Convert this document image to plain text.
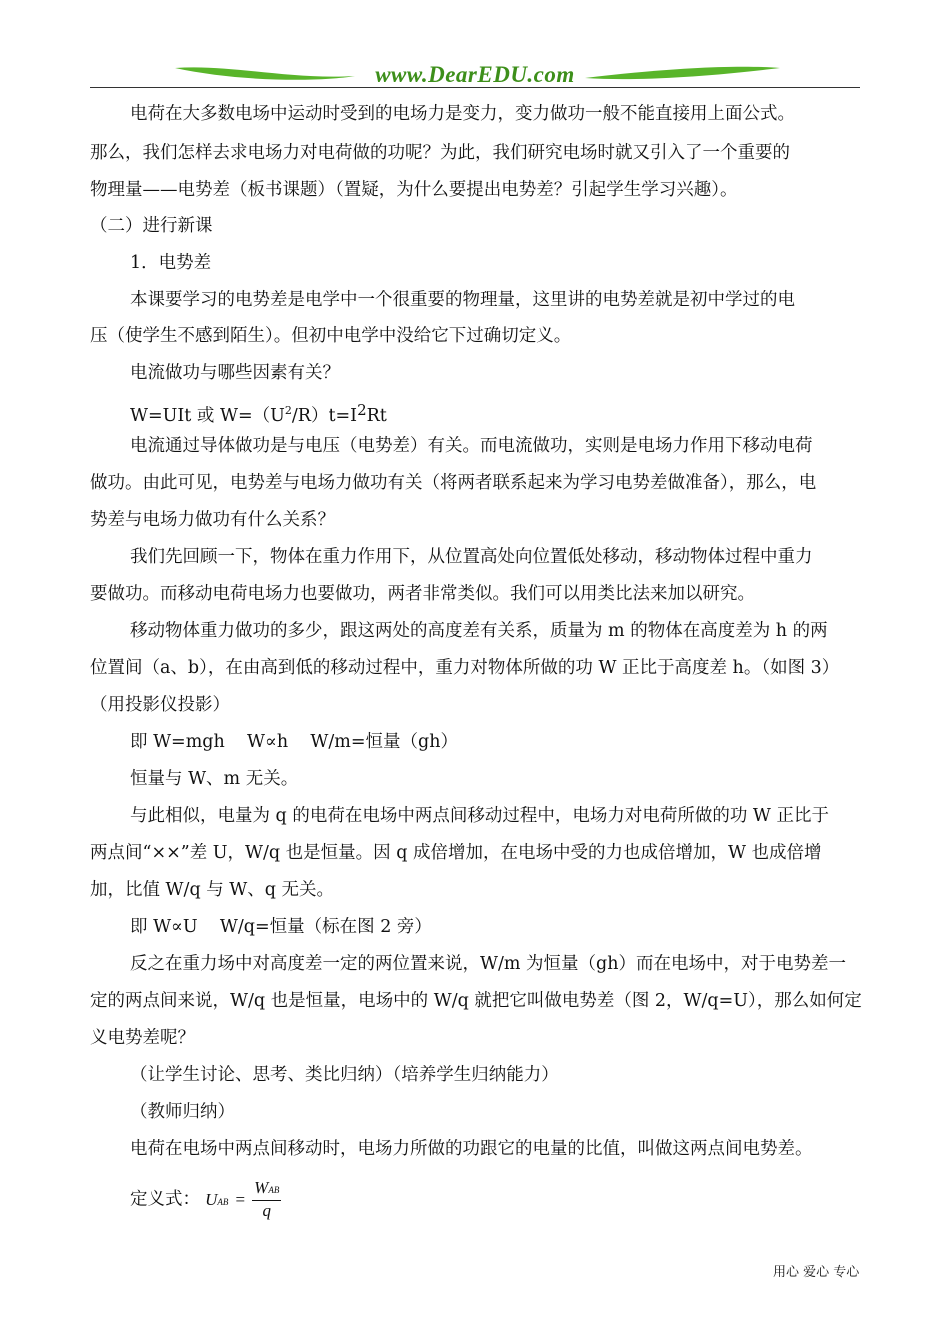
www.DearEDU.com
电荷在大多数电场中运动时受到的电场力是变力，变力做功一般不能直接用上面公式。
那么，我们怎样去求电场力对电荷做的功呢？为此，我们研究电场时就又引入了一个重要的
物理量——电势差（板书课题）（置疑，为什么要提出电势差？引起学生学习兴趣）。
（二）进行新课
1．电势差
本课要学习的电势差是电学中一个很重要的物理量，这里讲的电势差就是初中学过的电
压（使学生不感到陌生）。但初中电学中没给它下过确切定义。
电流做功与哪些因素有关？
W=UIt 或 $W=(U^2/R)t=I2Rt$
电流通过导体做功是与电压（电势差）有关。而电流做功，实则是电场力作用下移动电荷
做功。由此可见，电势差与电场力做功有关（将两者联系起来为学习电势差做准备），那么，电
势差与电场力做功有什么关系？
我们先回顾一下，物体在重力作用下，从位置高处向位置低处移动，移动物体过程中重力
要做功。而移动电荷电场力也要做功，两者非常类似。我们可以用类比法来加以研究。
移动物体重力做功的多少，跟这两处的高度差有关系，质量为 m 的物体在高度差为 h 的两
位置间（a、b），在由高到低的移动过程中，重力对物体所做的功 W 正比于高度差 h。（如图 3）
（用投影仪投影）
即 W=mgh    W∝h    W/m=恒量（gh）
恒量与 W、m 无关。
与此相似，电量为 q 的电荷在电场中两点间移动过程中，电场力对电荷所做的功 W 正比于
两点间“××”差 U，W/q 也是恒量。因 q 成倍增加，在电场中受的力也成倍增加，W 也成倍增
加，比值 W/q 与 W、q 无关。
即 W∝U    W/q=恒量（标在图 2 旁）
反之在重力场中对高度差一定的两位置来说，W/m 为恒量（gh）而在电场中，对于电势差一
定的两点间来说，W/q 也是恒量，电场中的 W/q 就把它叫做电势差（图 2，W/q=U），那么如何定
义电势差呢？
（让学生讨论、思考、类比归纳）（培养学生归纳能力）
（教师归纳）
电荷在电场中两点间移动时，电场力所做的功跟它的电量的比值，叫做这两点间电势差。
定义式： UAB = $\frac{\text{WAB}}{q}$
用心 爱心 专心
